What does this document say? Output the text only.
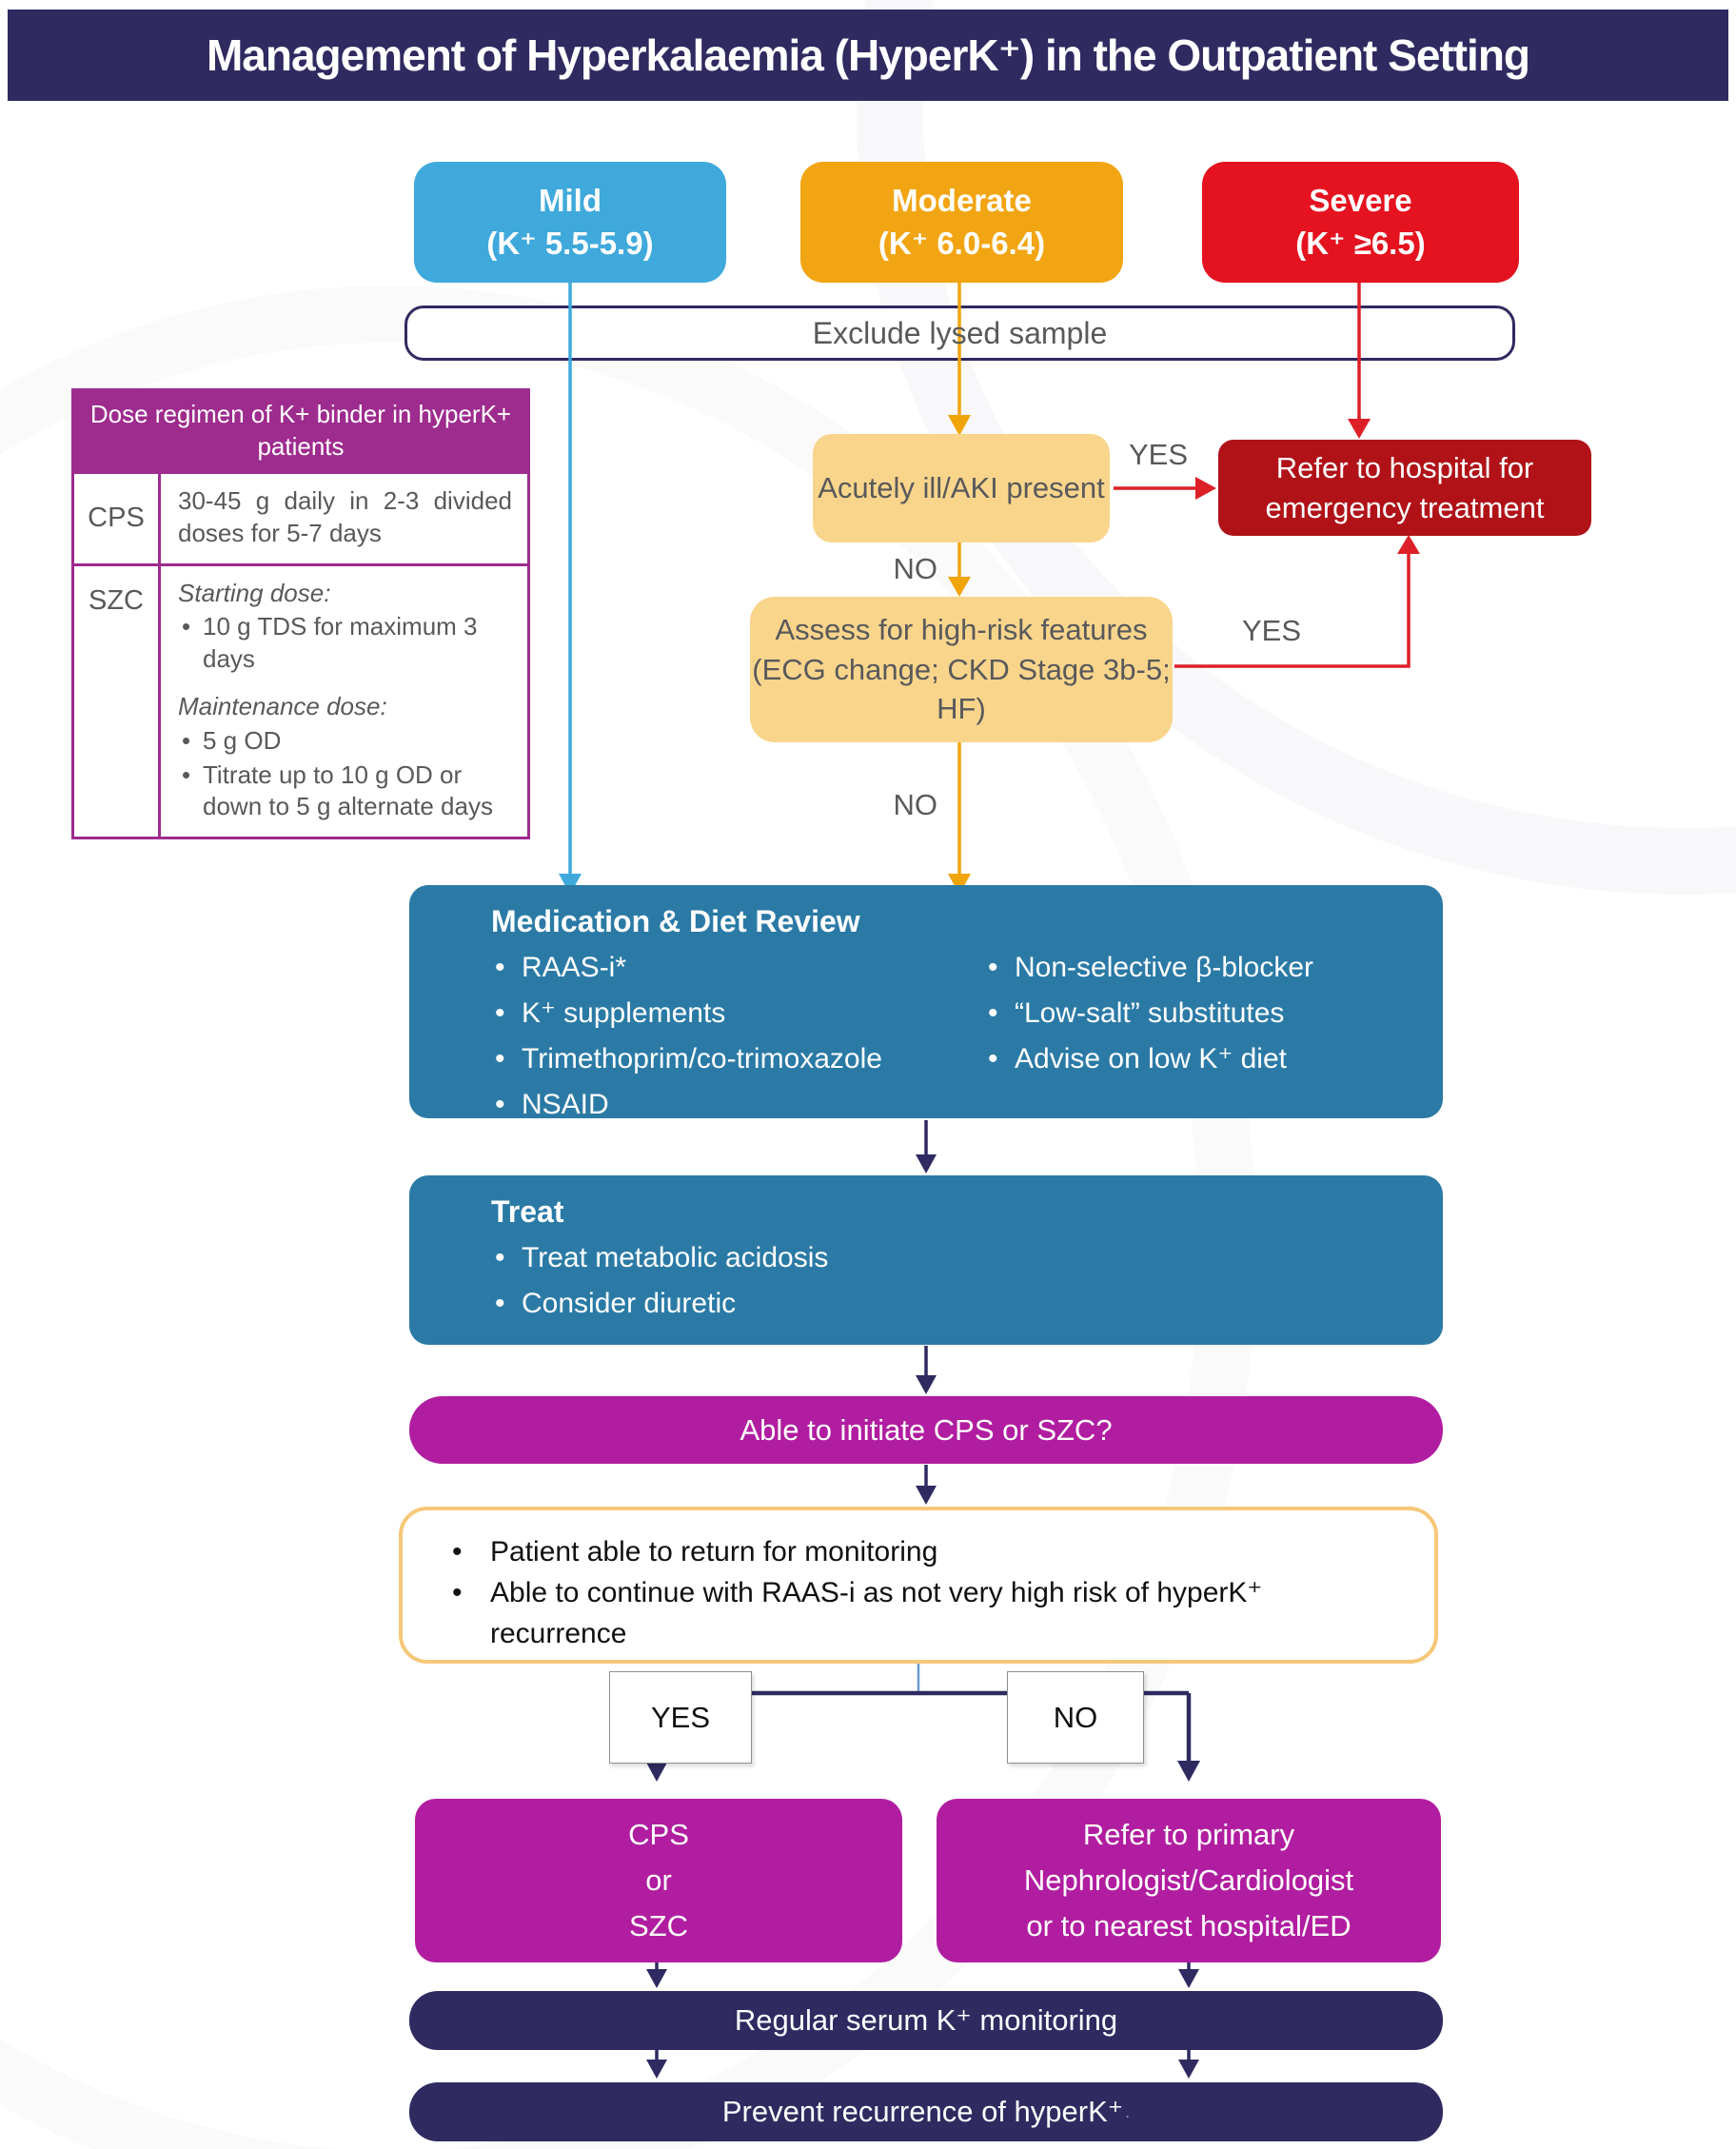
Management of Hyperkalaemia (HyperK⁺) in the Outpatient Setting
Mild
(K⁺ 5.5-5.9)
Moderate
(K⁺ 6.0-6.4)
Severe
(K⁺ ≥6.5)
Exclude lysed sample
Dose regimen of K+ binder in hyperK+ patients
CPS
30-45 g daily in 2-3 divided doses for 5-7 days
SZC	Starting dose:
• 10 g TDS for maximum 3 days
Maintenance dose:
• 5 g OD
• Titrate up to 10 g OD or down to 5 g alternate days
Acutely ill/AKI present
YES	Refer to hospital for emergency treatment
NO
Assess for high-risk features (ECG change; CKD Stage 3b-5; HF)
YES
NO
Medication & Diet Review
• RAAS-i*
• K⁺ supplements
• Trimethoprim/co-trimoxazole
• NSAID
• Non-selective β-blocker
• “Low-salt” substitutes
• Advise on low K⁺ diet
Treat
• Treat metabolic acidosis
• Consider diuretic
Able to initiate CPS or SZC?
• Patient able to return for monitoring
• Able to continue with RAAS-i as not very high risk of hyperK⁺ recurrence
YES	NO
CPS
or
SZC
Refer to primary
Nephrologist/Cardiologist
or to nearest hospital/ED
Regular serum K⁺ monitoring
Prevent recurrence of hyperK⁺ .
